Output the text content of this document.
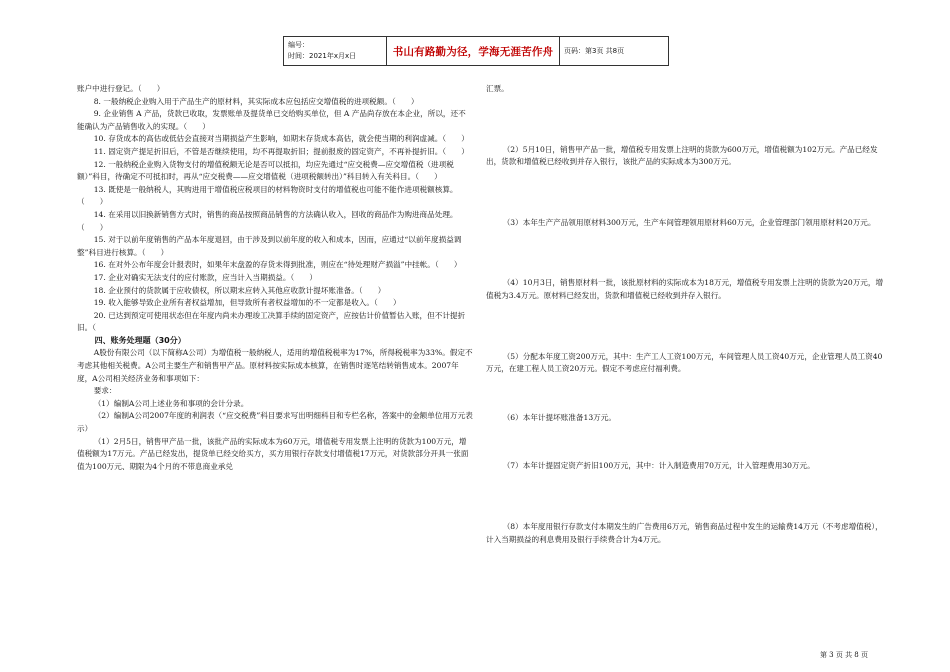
编号：
时间：2021年x月x日	书山有路勤为径，学海无涯苦作舟	页码：第3页 共8页

账户中进行登记。（　　）

8. 一般纳税企业购入用于产品生产的原材料，其实际成本应包括应交增值税的进项税额。（　　）

9. 企业销售 A 产品，货款已收取，发票账单及提货单已交给购买单位，但 A 产品尚存放在本企业，所以，还不能确认为产品销售收入的实现。（　　）

10. 存货成本的高估或低估会直接对当期损益产生影响，如期末存货成本高估，就会使当期的利润虚减。（　　）

11. 固定资产提足折旧后，不管是否继续使用，均不再提取折旧；提前报废的固定资产，不再补提折旧。（　　）

12. 一般纳税企业购入货物支付的增值税额无论是否可以抵扣，均应先通过“应交税费—应交增值税（进项税额）”科目，待确定不可抵扣时，再从“应交税费——应交增值税（进项税额转出）”科目转入有关科目。（　　）

13. 既使是一般纳税人，其购进用于增值税应税项目的材料物资时支付的增值税也可能不能作进项税额核算。（　　）

14. 在采用以旧换新销售方式时，销售的商品按照商品销售的方法确认收入，回收的商品作为购进商品处理。（　　）

15. 对于以前年度销售的产品本年度退回，由于涉及到以前年度的收入和成本，因而，应通过“以前年度损益调整”科目进行核算。（　　）

16. 在对外公布年度会计报表时，如果年末盘盈的存货未得到批准，则应在“待处理财产损溢”中挂帐。（　　）

17. 企业对确实无法支付的应付账款，应当计入当期损益。（　　）

18. 企业预付的货款属于应收债权，所以期末应转入其他应收款计提坏账准备。（　　）

19. 收入能够导致企业所有者权益增加，但导致所有者权益增加的不一定都是收入。（　　）

20. 已达到预定可使用状态但在年度内尚未办理竣工决算手续的固定资产，应按估计价值暂估入账，但不计提折旧。（

四、账务处理题（30分）

A股份有限公司（以下简称A公司）为增值税一般纳税人，适用的增值税税率为17%，所得税税率为33%。假定不考虑其他相关税费。A公司主要生产和销售甲产品。原材料按实际成本核算，在销售时逐笔结转销售成本。2007年度，A公司相关经济业务和事项如下：

要求：

（1）编制A公司上述业务和事项的会计分录。

（2）编制A公司2007年度的利润表（“应交税费”科目要求写出明细科目和专栏名称，答案中的金额单位用万元表示）

（1）2月5日，销售甲产品一批，该批产品的实际成本为60万元，增值税专用发票上注明的货款为100万元，增值税额为17万元。产品已经发出，提货单已经交给买方，买方用银行存款支付增值税17万元，对货款部分开具一张面值为100万元、期限为4个月的不带息商业承兑

汇票。

（2）5月10日，销售甲产品一批，增值税专用发票上注明的货款为600万元，增值税额为102万元。产品已经发出，货款和增值税已经收到并存入银行，该批产品的实际成本为300万元。

（3）本年生产产品领用原材料300万元，生产车间管理领用原材料60万元，企业管理部门领用原材料20万元。

（4）10月3日，销售原材料一批，该批原材料的实际成本为18万元，增值税专用发票上注明的货款为20万元，增值税为3.4万元。原材料已经发出，货款和增值税已经收到并存入银行。

（5）分配本年度工资200万元，其中：生产工人工资100万元，车间管理人员工资40万元，企业管理人员工资40万元，在建工程人员工资20万元。假定不考虑应付福利费。

（6）本年计提坏账准备13万元。

（7）本年计提固定资产折旧100万元，其中：计入制造费用70万元，计入管理费用30万元。

（8）本年度用银行存款支付本期发生的广告费用6万元，销售商品过程中发生的运输费14万元（不考虑增值税），计入当期损益的利息费用及银行手续费合计为4万元。

第 3 页 共 8 页
